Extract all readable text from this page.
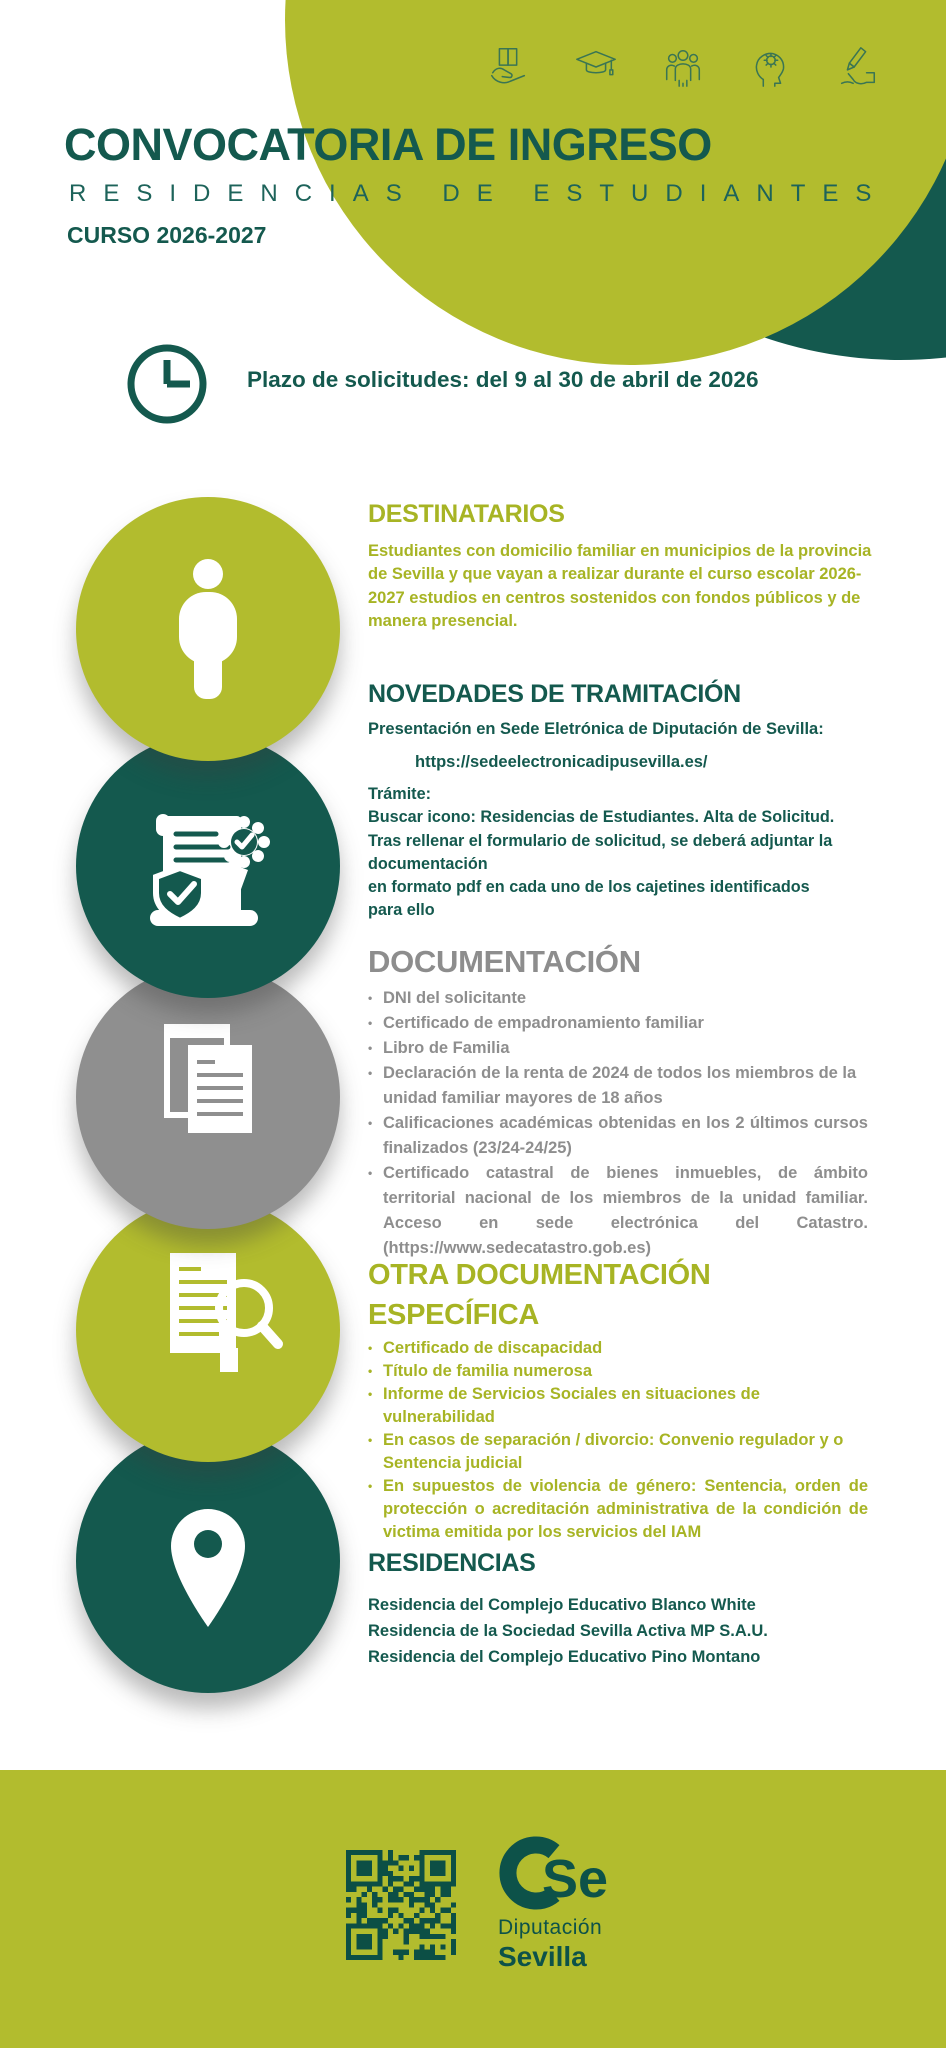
CONVOCATORIA DE INGRESO
RESIDENCIAS DE ESTUDIANTES
CURSO 2026-2027
Plazo de solicitudes: del 9 al 30 de abril de 2026
DESTINATARIOS
Estudiantes con domicilio familiar en municipios de la provincia de Sevilla y que vayan a realizar durante el curso escolar 2026-2027 estudios en centros sostenidos con fondos públicos y de manera presencial.
NOVEDADES DE TRAMITACIÓN
Presentación en Sede Eletrónica de Diputación de Sevilla:
https://sedeelectronicadipusevilla.es/
Trámite:
Buscar icono: Residencias de Estudiantes. Alta de Solicitud.
Tras rellenar el formulario de solicitud, se deberá adjuntar la
documentación
en formato pdf en cada uno de los cajetines identificados
para ello
DOCUMENTACIÓN
• DNI del solicitante
• Certificado de empadronamiento familiar
• Libro de Familia
• Declaración de la renta de 2024 de todos los miembros de la unidad familiar mayores de 18 años
• Calificaciones académicas obtenidas en los 2 últimos cursos finalizados (23/24-24/25)
• Certificado catastral de bienes inmuebles, de ámbito territorial nacional de los miembros de la unidad familiar. Acceso en sede electrónica del Catastro. (https://www.sedecatastro.gob.es)
OTRA DOCUMENTACIÓN
ESPECÍFICA
• Certificado de discapacidad
• Título de familia numerosa
• Informe de Servicios Sociales en situaciones de vulnerabilidad
• En casos de separación / divorcio: Convenio regulador y o Sentencia judicial
• En supuestos de violencia de género: Sentencia, orden de protección o acreditación administrativa de la condición de victima emitida por los servicios del IAM
RESIDENCIAS
Residencia del Complejo Educativo Blanco White
Residencia de la Sociedad Sevilla Activa MP S.A.U.
Residencia del Complejo Educativo Pino Montano
Se
Diputación
Sevilla
